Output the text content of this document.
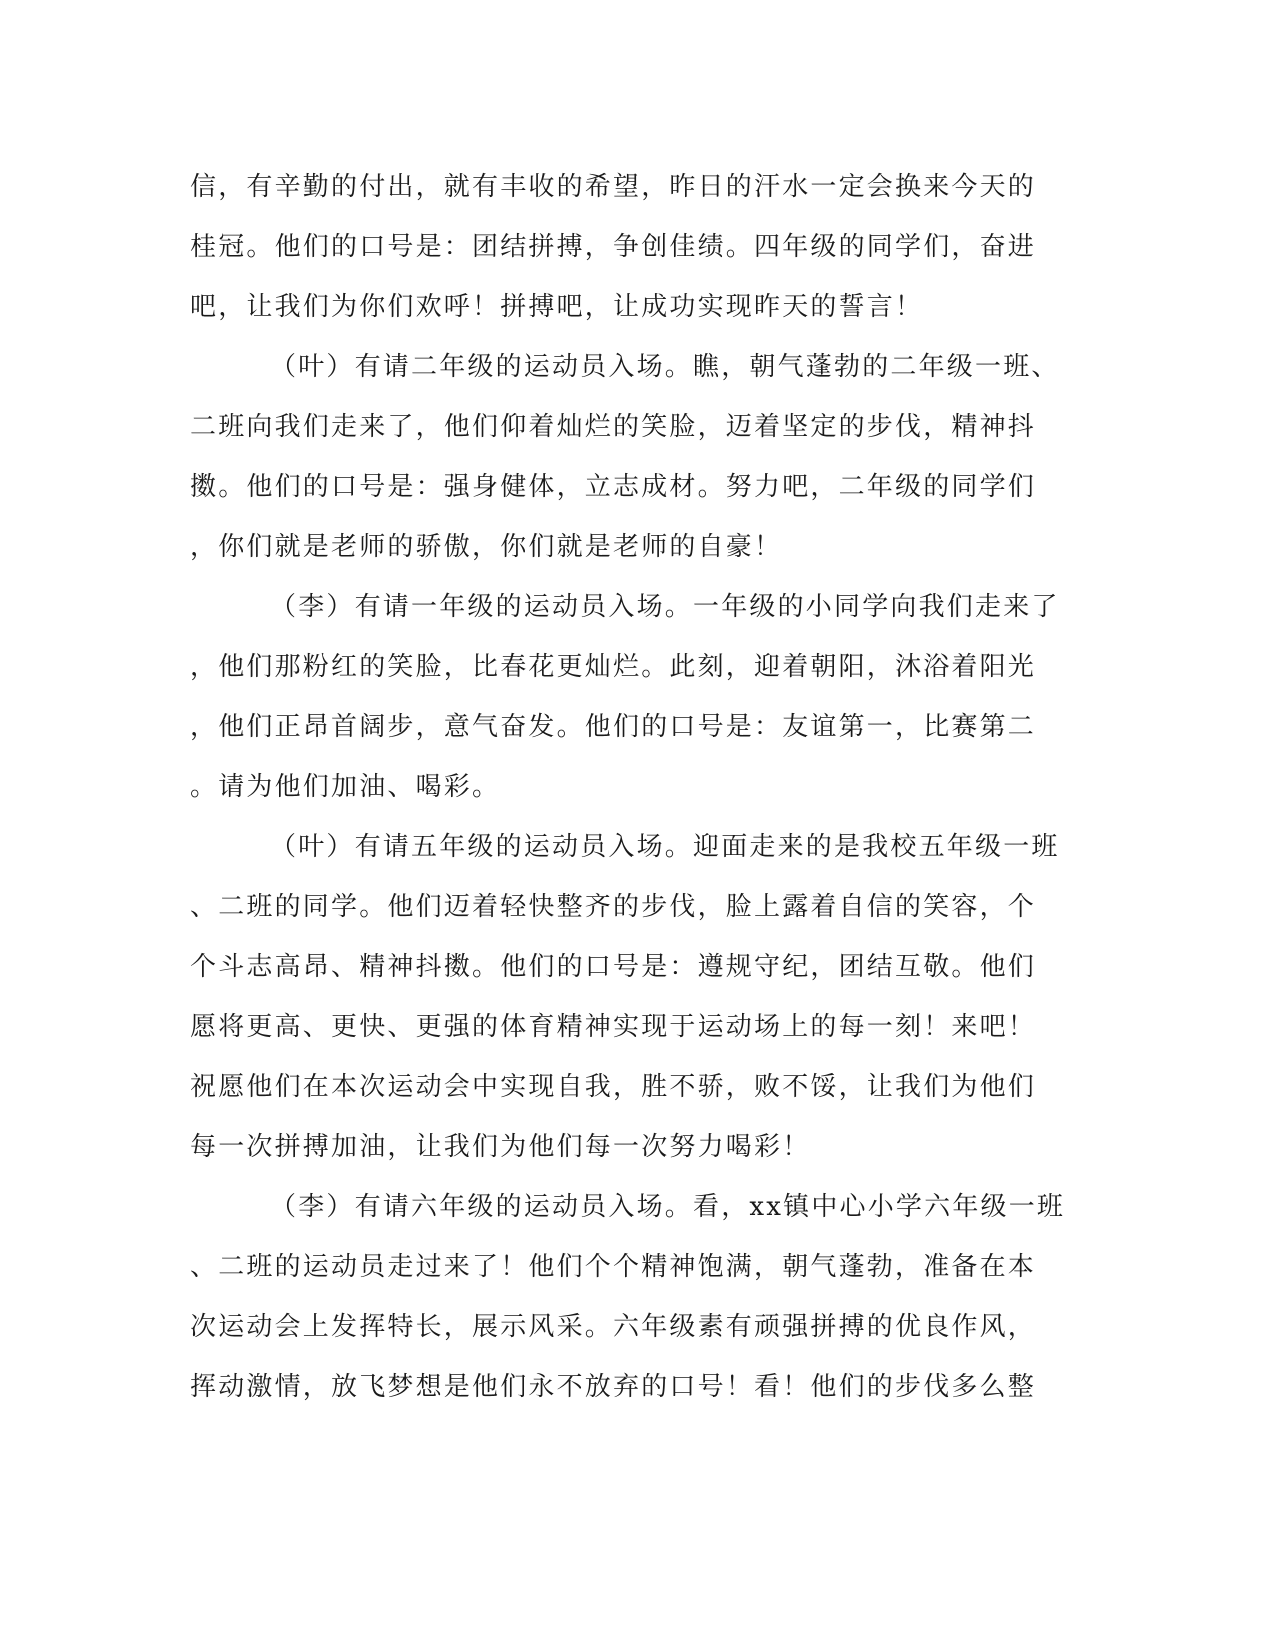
信，有辛勤的付出，就有丰收的希望，昨日的汗水一定会换来今天的
桂冠。他们的口号是：团结拼搏，争创佳绩。四年级的同学们，奋进
吧，让我们为你们欢呼！拼搏吧，让成功实现昨天的誓言！
（叶）有请二年级的运动员入场。瞧，朝气蓬勃的二年级一班、
二班向我们走来了，他们仰着灿烂的笑脸，迈着坚定的步伐，精神抖
擞。他们的口号是：强身健体，立志成材。努力吧，二年级的同学们
，你们就是老师的骄傲，你们就是老师的自豪！
（李）有请一年级的运动员入场。一年级的小同学向我们走来了
，他们那粉红的笑脸，比春花更灿烂。此刻，迎着朝阳，沐浴着阳光
，他们正昂首阔步，意气奋发。他们的口号是：友谊第一，比赛第二
。请为他们加油、喝彩。
（叶）有请五年级的运动员入场。迎面走来的是我校五年级一班
、二班的同学。他们迈着轻快整齐的步伐，脸上露着自信的笑容，个
个斗志高昂、精神抖擞。他们的口号是：遵规守纪，团结互敬。他们
愿将更高、更快、更强的体育精神实现于运动场上的每一刻！来吧！
祝愿他们在本次运动会中实现自我，胜不骄，败不馁，让我们为他们
每一次拼搏加油，让我们为他们每一次努力喝彩！
（李）有请六年级的运动员入场。看，xx镇中心小学六年级一班
、二班的运动员走过来了！他们个个精神饱满，朝气蓬勃，准备在本
次运动会上发挥特长，展示风采。六年级素有顽强拼搏的优良作风，
挥动激情，放飞梦想是他们永不放弃的口号！看！他们的步伐多么整
